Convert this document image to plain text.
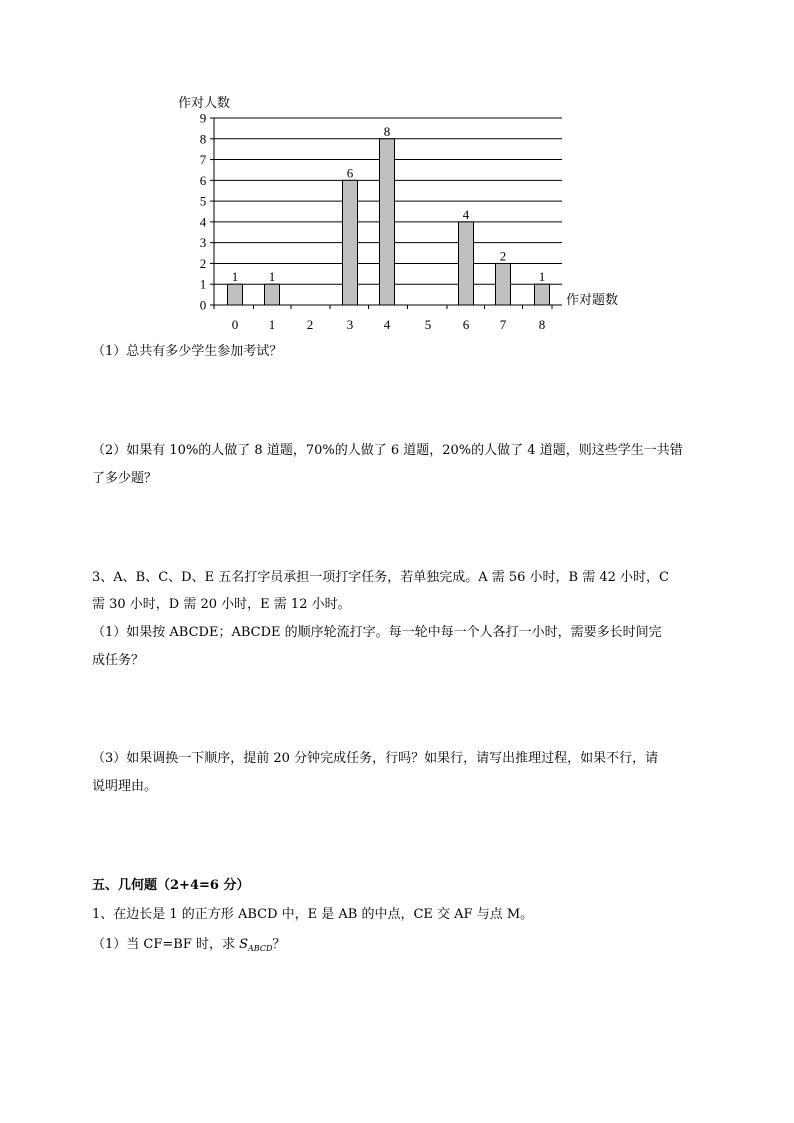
作对人数
作对题数
0
1
2
3
4
5
6
7
8
9
1 1
6
8
4
2
1
0 1 2	3 4	5 6 7	8
（1）总共有多少学生参加考试？
（2）如果有 10%的人做了 8 道题，70%的人做了 6 道题，20%的人做了 4 道题，则这些学生一共错
了多少题？
3、A、B、C、D、E 五名打字员承担一项打字任务，若单独完成。A 需 56 小时，B 需 42 小时，C
需 30 小时，D 需 20 小时，E 需 12 小时。
（1）如果按 ABCDE；ABCDE 的顺序轮流打字。每一轮中每一个人各打一小时，需要多长时间完
成任务？
（3）如果调换一下顺序，提前 20 分钟完成任务，行吗？如果行，请写出推理过程，如果不行，请
说明理由。
五、几何题（2+4=6 分）
1、在边长是 1 的正方形 ABCD 中，E 是 AB 的中点，CE 交 AF 与点 M。
（1）当 CF=BF 时，求 $S_{ABCD}$？
